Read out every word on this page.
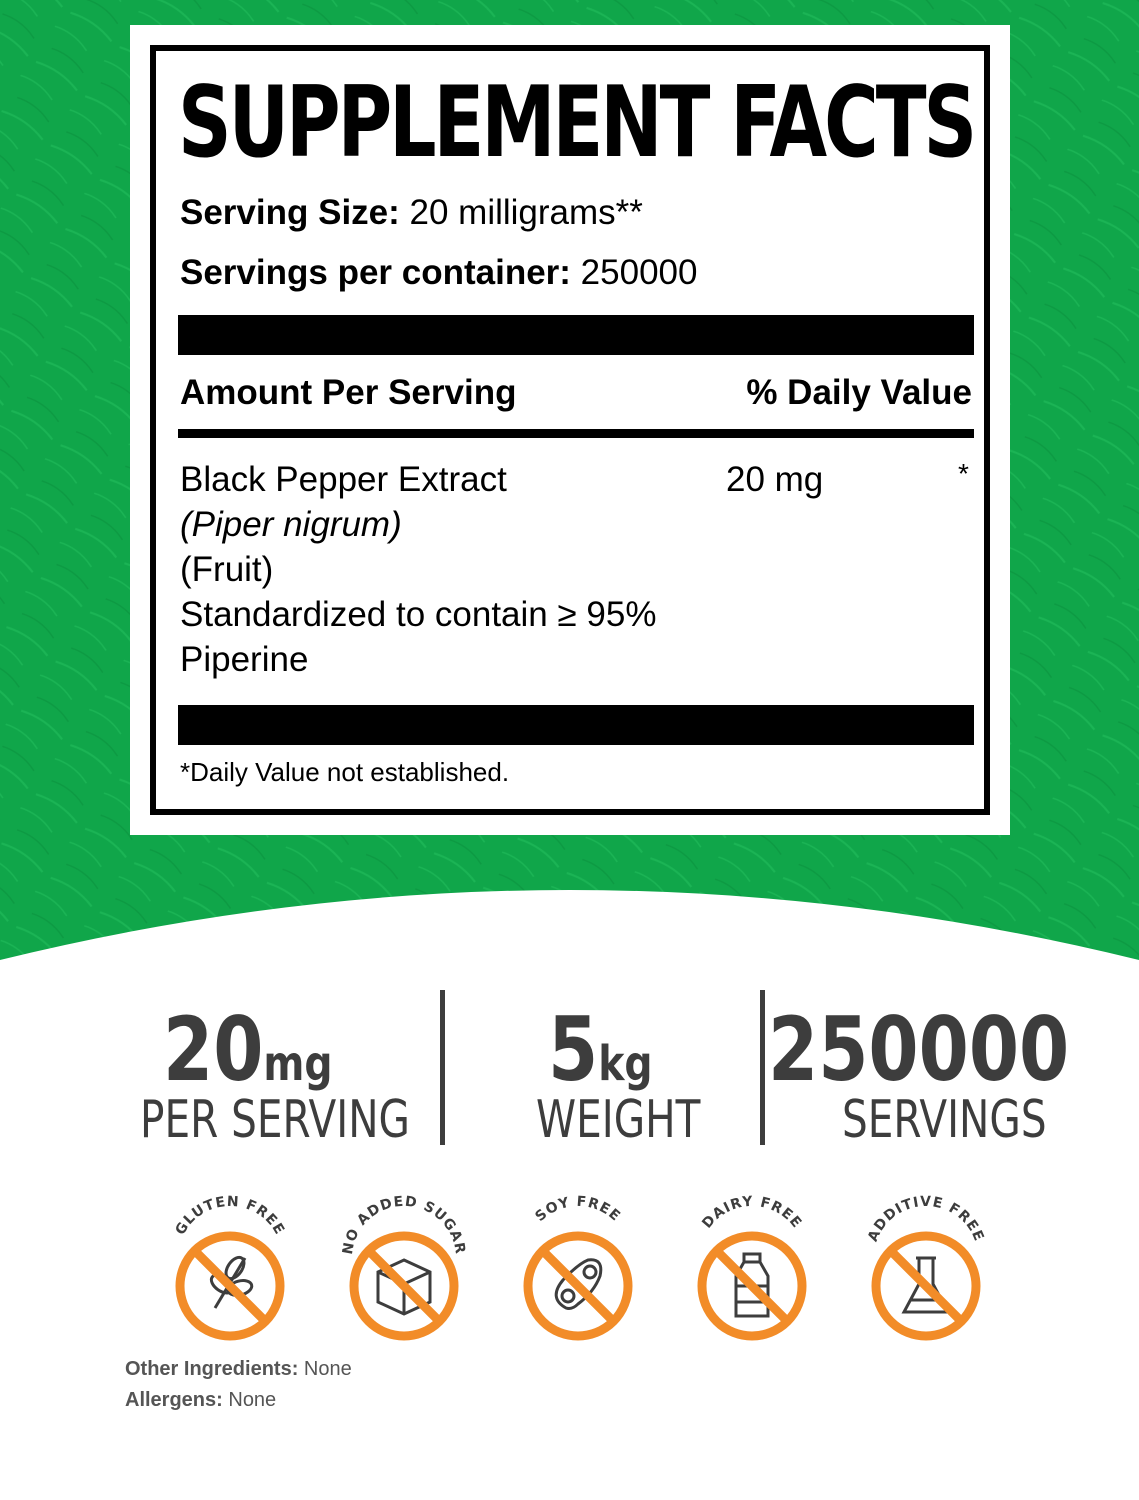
SUPPLEMENT FACTS
Serving Size: 20 milligrams**
Servings per container: 250000
Amount Per Serving	% Daily Value
Black Pepper Extract
(Piper nigrum)
(Fruit)
Standardized to contain ≥ 95%
Piperine
20 mg	*
*Daily Value not established.
20mg
PER SERVING
5kg
WEIGHT
250000
SERVINGS
GLUTEN FREE
NO ADDED SUGAR
SOY FREE	DAIRY FREE
ADDITIVE FREE
Other Ingredients: None
Allergens: None
